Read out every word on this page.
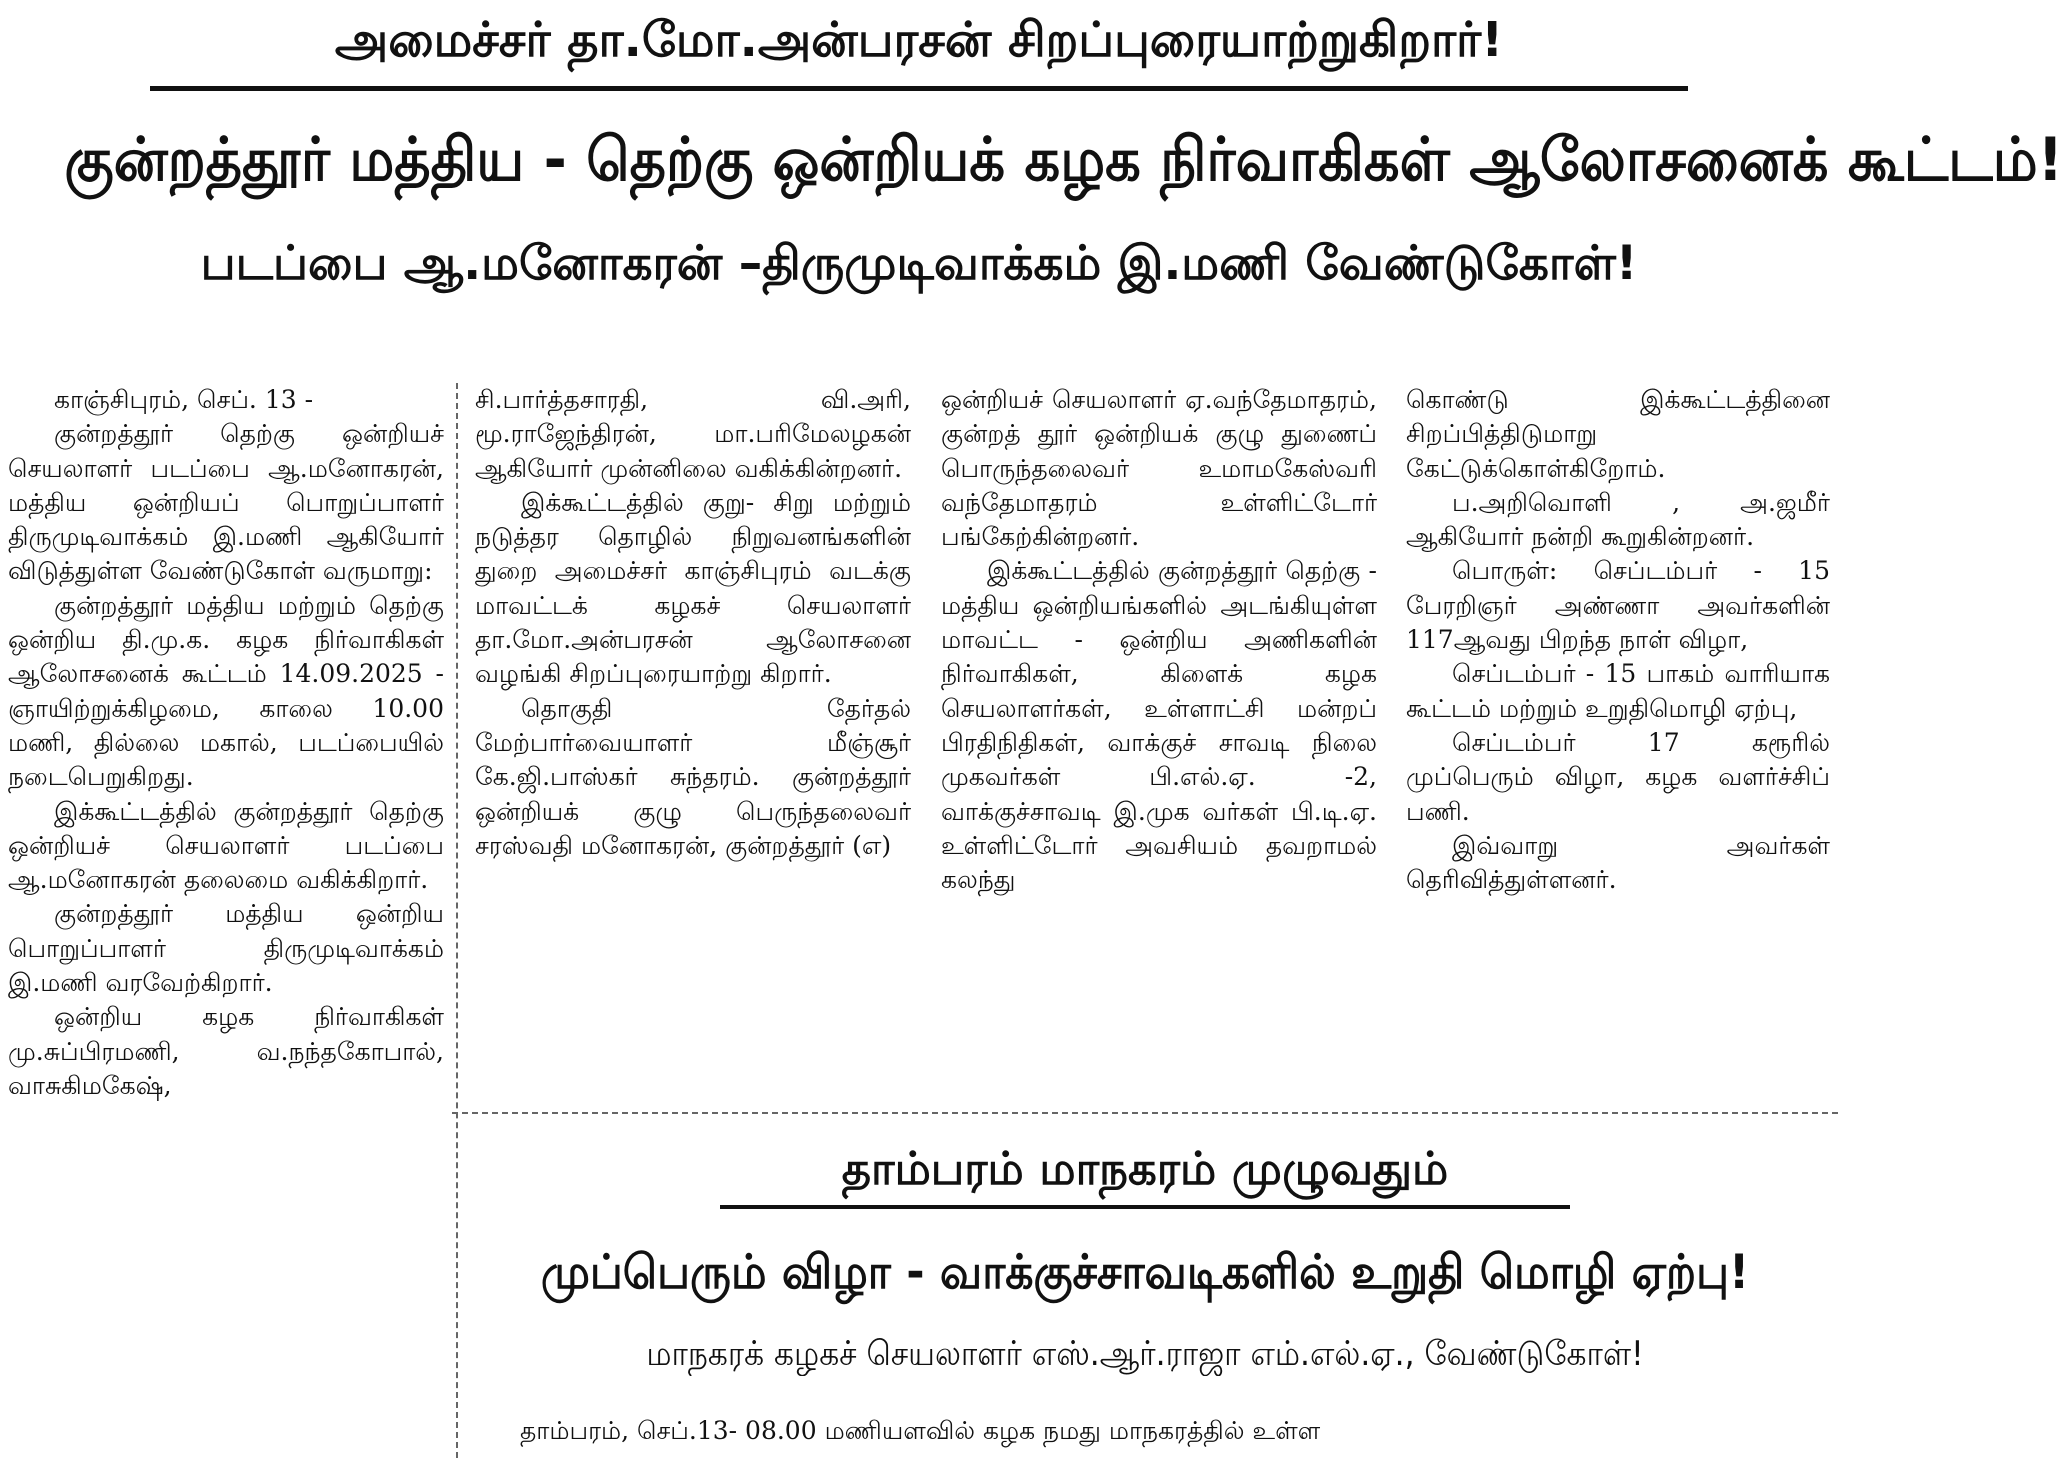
அமைச்சர் தா.மோ.அன்பரசன் சிறப்புரையாற்றுகிறார்!
குன்றத்தூர் மத்திய - தெற்கு ஒன்றியக் கழக நிர்வாகிகள் ஆலோசனைக் கூட்டம்!
படப்பை ஆ.மனோகரன் –திருமுடிவாக்கம் இ.மணி வேண்டுகோள்!

காஞ்சிபுரம், செப். 13 -

குன்றத்தூர் தெற்கு ஒன்றியச் செயலாளர் படப்பை ஆ.மனோகரன், மத்திய ஒன்றியப் பொறுப்பாளர் திருமுடிவாக்கம் இ.மணி ஆகியோர் விடுத்துள்ள வேண்டுகோள் வருமாறு:

குன்றத்தூர் மத்திய மற்றும் தெற்கு ஒன்றிய தி.மு.க. கழக நிர்வாகிகள் ஆலோசனைக் கூட்டம் 14.09.2025 - ஞாயிற்றுக்கிழமை, காலை 10.00 மணி, தில்லை மகால், படப்பையில் நடைபெறுகிறது.

இக்கூட்டத்தில் குன்றத்தூர் தெற்கு ஒன்றியச் செயலாளர் படப்பை ஆ.மனோகரன் தலைமை வகிக்கிறார்.

குன்றத்தூர் மத்திய ஒன்றிய பொறுப்பாளர் திருமுடிவாக்கம் இ.மணி வரவேற்கிறார்.

ஒன்றிய கழக நிர்வாகிகள் மு.சுப்பிரமணி, வ.நந்தகோபால், வாசுகிமகேஷ்,

சி.பார்த்தசாரதி, வி.அரி, மூ.ராஜேந்திரன், மா.பரிமேலழகன் ஆகியோர் முன்னிலை வகிக்கின்றனர்.

இக்கூட்டத்தில் குறு- சிறு மற்றும் நடுத்தர தொழில் நிறுவனங்களின் துறை அமைச்சர் காஞ்சிபுரம் வடக்கு மாவட்டக் கழகச் செயலாளர் தா.மோ.அன்பரசன் ஆலோசனை வழங்கி சிறப்புரையாற்று கிறார்.

தொகுதி தேர்தல் மேற்பார்வையாளர் மீஞ்சூர் கே.ஜி.பாஸ்கர் சுந்தரம். குன்றத்தூர் ஒன்றியக் குழு பெருந்தலைவர் சரஸ்வதி மனோகரன், குன்றத்தூர் (எ)

ஒன்றியச் செயலாளர் ஏ.வந்தேமாதரம், குன்றத் தூர் ஒன்றியக் குழு துணைப் பொருந்தலைவர் உமாமகேஸ்வரி வந்தேமாதரம் உள்ளிட்டோர் பங்கேற்கின்றனர்.

இக்கூட்டத்தில் குன்றத்தூர் தெற்கு - மத்திய ஒன்றியங்களில் அடங்கியுள்ள மாவட்ட - ஒன்றிய அணிகளின் நிர்வாகிகள், கிளைக் கழக செயலாளர்கள், உள்ளாட்சி மன்றப் பிரதிநிதிகள், வாக்குச் சாவடி நிலை முகவர்கள் பி.எல்.ஏ. -2, வாக்குச்சாவடி இ.முக வர்கள் பி.டி.ஏ. உள்ளிட்டோர் அவசியம் தவறாமல் கலந்து

கொண்டு இக்கூட்டத்தினை சிறப்பித்திடுமாறு கேட்டுக்கொள்கிறோம்.

ப.அறிவொளி , அ.ஜமீர் ஆகியோர் நன்றி கூறுகின்றனர்.

பொருள்: செப்டம்பர் - 15 பேரறிஞர் அண்ணா அவர்களின் 117ஆவது பிறந்த நாள் விழா,

செப்டம்பர் - 15 பாகம் வாரியாக கூட்டம் மற்றும் உறுதிமொழி ஏற்பு,

செப்டம்பர் 17 கரூரில் முப்பெரும் விழா, கழக வளர்ச்சிப் பணி.

இவ்வாறு அவர்கள் தெரிவித்துள்ளனர்.

தாம்பரம் மாநகரம் முழுவதும்
முப்பெரும் விழா - வாக்குச்சாவடிகளில் உறுதி மொழி ஏற்பு!
மாநகரக் கழகச் செயலாளர் எஸ்.ஆர்.ராஜா எம்.எல்.ஏ., வேண்டுகோள்!
தாம்பரம், செப்.13- 08.00 மணியளவில் கழக நமது மாநகரத்தில் உள்ள
